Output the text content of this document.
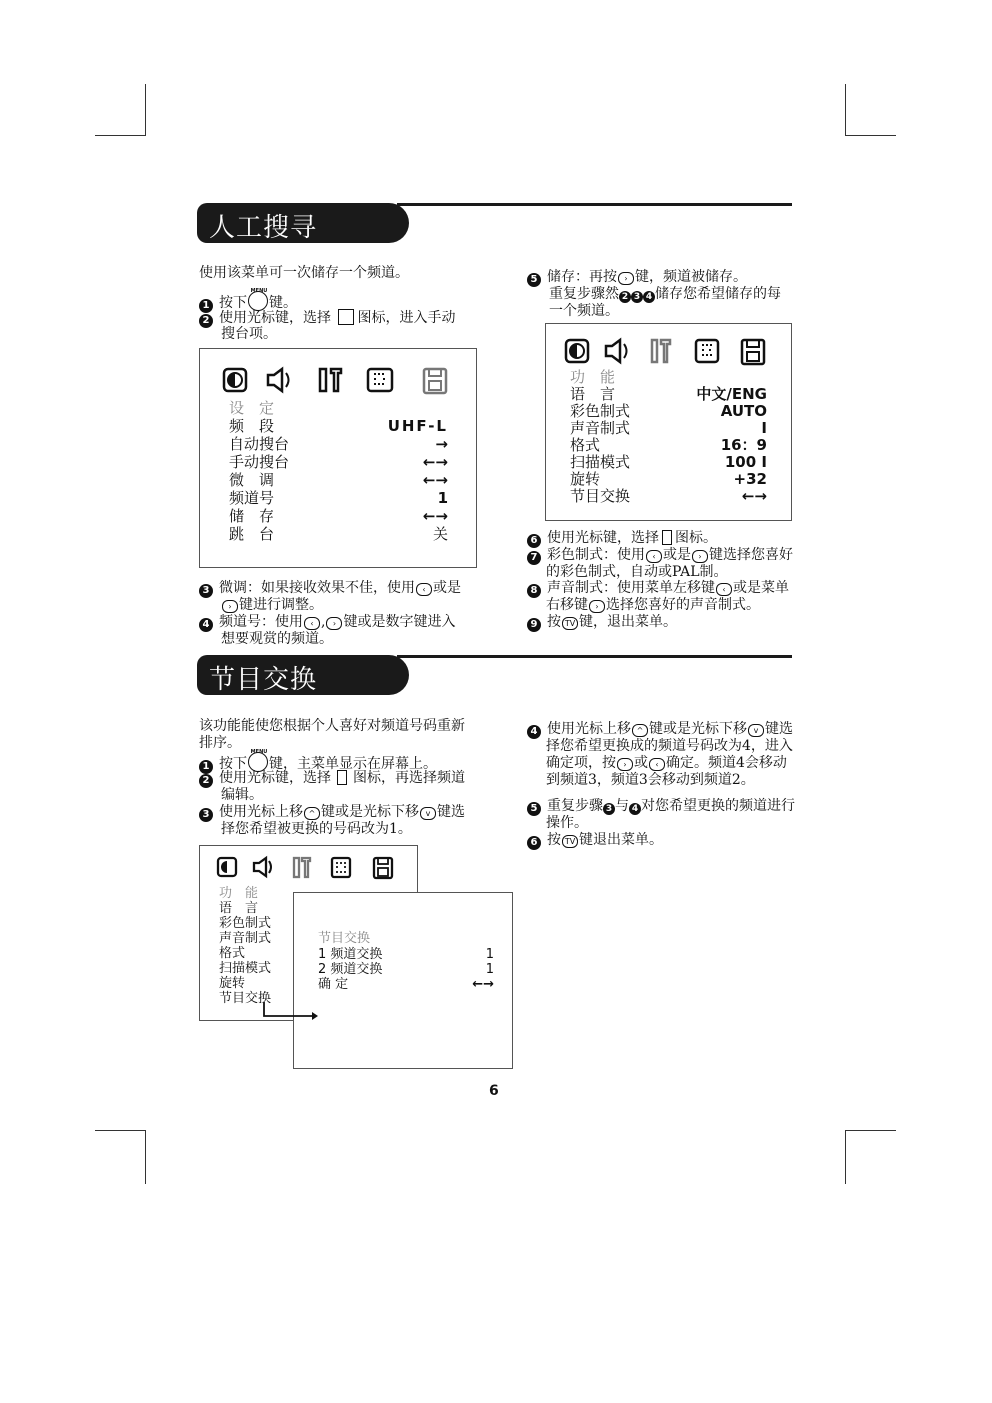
人工搜寻
使用该菜单可一次储存一个频道。
1 按下
MENU
键。
2 使用光标键，选择 图标，进入手动
搜台项。
设　定
频　段	UHF-L
自动搜台	→
手动搜台	←→
微　调	←→
频道号	1
储　存	←→
跳　台	关
3 微调：如果接收效果不佳，使用 ‹ 或是
› 键进行调整。
4 频道号：使用 ‹ , › 键或是数字键进入
想要观赏的频道。
5 储存：再按 › 键，频道被储存。
重复步骤然 2 3 4 储存您希望储存的每
一个频道。
功　能
语　言	中文/ENG
彩色制式	AUTO
声音制式	I
格式	16：9
扫描模式	100 I
旋转	+32
节目交换	←→
6 使用光标键，选择 图标。
7 彩色制式：使用 ‹ 或是 › 键选择您喜好
的彩色制式，自动或PAL制。
8 声音制式：使用菜单左移键 ‹ 或是菜单
右移键 › 选择您喜好的声音制式。
9 按 TV 键，退出菜单。
节目交换
该功能能使您根据个人喜好对频道号码重新
排序。
1 按下
MENU
键，主菜单显示在屏幕上。
2 使用光标键，选择 图标，再选择频道
编辑。
3 使用光标上移 ^ 键或是光标下移 v 键选
择您希望被更换的号码改为1。
功　能
语　言
彩色制式
声音制式
格式
扫描模式
旋转
节目交换
节目交换
1 频道交换	1
2 频道交换	1
确 定	←→
4 使用光标上移 ^ 键或是光标下移 v 键选
择您希望更换成的频道号码改为4，进入
确定项，按 › 或 ‹ 确定。频道4会移动
到频道3，频道3会移动到频道2。
5 重复步骤 3 与 4 对您希望更换的频道进行
操作。
6 按 TV 键退出菜单。
6
